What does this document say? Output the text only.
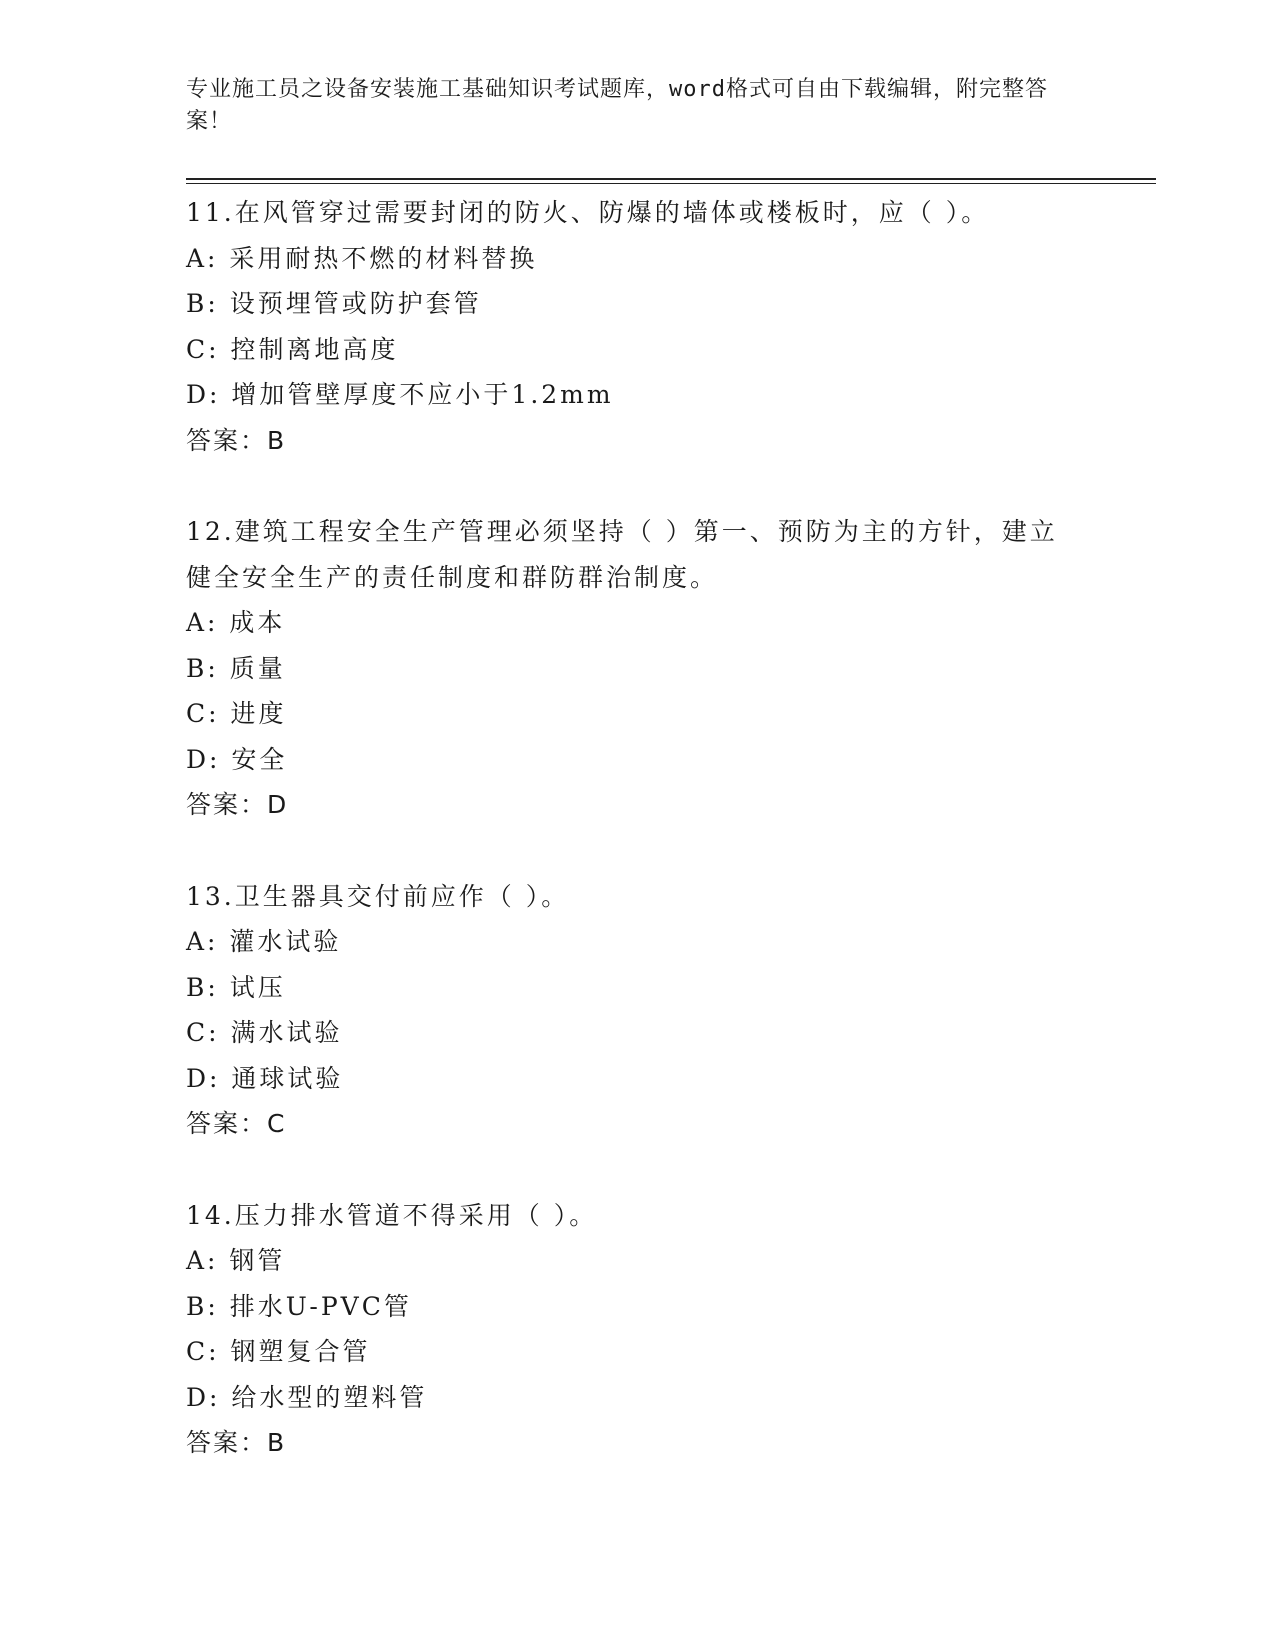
专业施工员之设备安装施工基础知识考试题库，word格式可自由下载编辑，附完整答案！
11.在风管穿过需要封闭的防火、防爆的墙体或楼板时，应（ ）。
A: 采用耐热不燃的材料替换
B: 设预埋管或防护套管
C: 控制离地高度
D: 增加管壁厚度不应小于1.2mm
答案：B
12.建筑工程安全生产管理必须坚持（ ）第一、预防为主的方针，建立健全安全生产的责任制度和群防群治制度。
A: 成本
B: 质量
C: 进度
D: 安全
答案：D
13.卫生器具交付前应作（ ）。
A: 灌水试验
B: 试压
C: 满水试验
D: 通球试验
答案：C
14.压力排水管道不得采用（ ）。
A: 钢管
B: 排水U-PVC管
C: 钢塑复合管
D: 给水型的塑料管
答案：B
